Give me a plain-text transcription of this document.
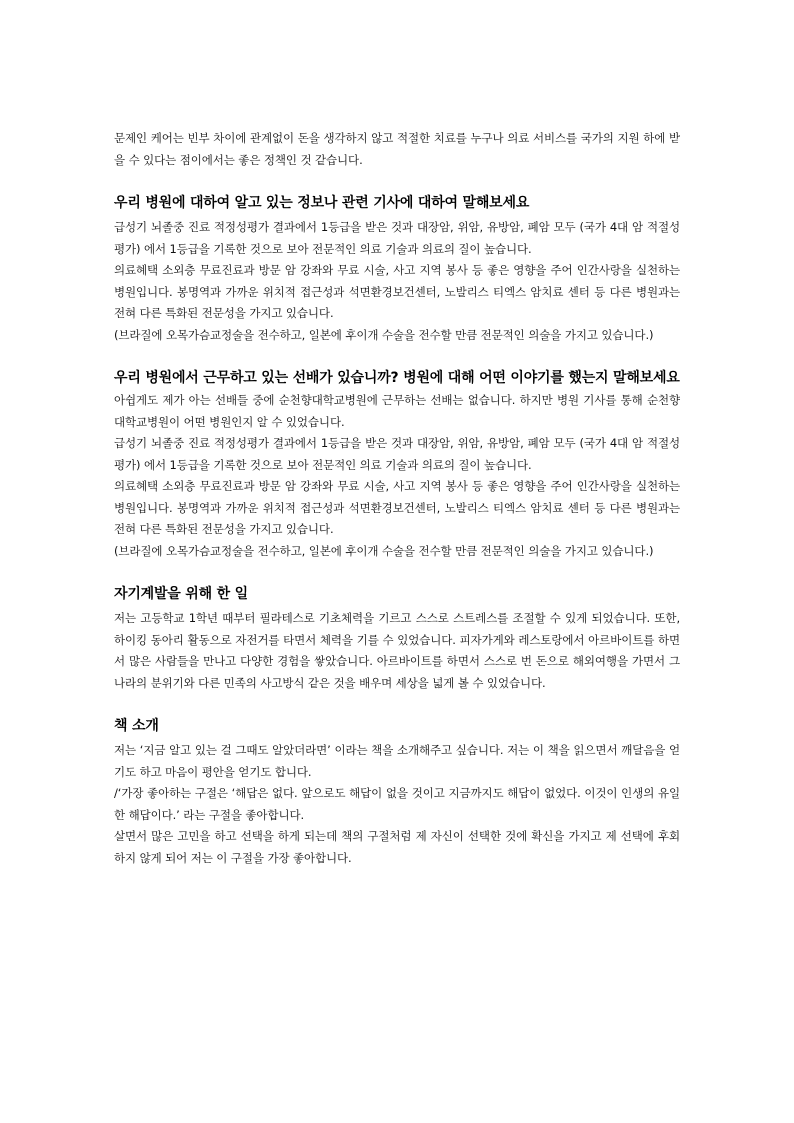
문제인 케어는 빈부 차이에 관계없이 돈을 생각하지 않고 적절한 치료를 누구나 의료 서비스를 국가의 지원 하에 받을 수 있다는 점이에서는 좋은 정책인 것 같습니다.

우리 병원에 대하여 알고 있는 정보나 관련 기사에 대하여 말해보세요

급성기 뇌졸중 진료 적정성평가 결과에서 1등급을 받은 것과 대장암, 위암, 유방암, 폐암 모두 (국가 4대 암 적절성 평가) 에서 1등급을 기록한 것으로 보아 전문적인 의료 기술과 의료의 질이 높습니다.

의료혜택 소외층 무료진료과 방문 암 강좌와 무료 시술, 사고 지역 봉사 등 좋은 영향을 주어 인간사랑을 실천하는 병원입니다. 봉명역과 가까운 위치적 접근성과 석면환경보건센터, 노발리스 티엑스 암치료 센터 등 다른 병원과는 전혀 다른 특화된 전문성을 가지고 있습니다.

(브라질에 오목가슴교정술을 전수하고, 일본에 후이개 수술을 전수할 만큼 전문적인 의술을 가지고 있습니다.)

우리 병원에서 근무하고 있는 선배가 있습니까? 병원에 대해 어떤 이야기를 했는지 말해보세요

아쉽게도 제가 아는 선배들 중에 순천향대학교병원에 근무하는 선배는 없습니다. 하지만 병원 기사를 통해 순천향대학교병원이 어떤 병원인지 알 수 있었습니다.

급성기 뇌졸중 진료 적정성평가 결과에서 1등급을 받은 것과 대장암, 위암, 유방암, 폐암 모두 (국가 4대 암 적절성 평가) 에서 1등급을 기록한 것으로 보아 전문적인 의료 기술과 의료의 질이 높습니다.

의료혜택 소외층 무료진료과 방문 암 강좌와 무료 시술, 사고 지역 봉사 등 좋은 영향을 주어 인간사랑을 실천하는 병원입니다. 봉명역과 가까운 위치적 접근성과 석면환경보건센터, 노발리스 티엑스 암치료 센터 등 다른 병원과는 전혀 다른 특화된 전문성을 가지고 있습니다.

(브라질에 오목가슴교정술을 전수하고, 일본에 후이개 수술을 전수할 만큼 전문적인 의술을 가지고 있습니다.)

자기계발을 위해 한 일

저는 고등학교 1학년 때부터 필라테스로 기초체력을 기르고 스스로 스트레스를 조절할 수 있게 되었습니다. 또한, 하이킹 동아리 활동으로 자전거를 타면서 체력을 기를 수 있었습니다. 피자가게와 레스토랑에서 아르바이트를 하면서 많은 사람들을 만나고 다양한 경험을 쌓았습니다. 아르바이트를 하면서 스스로 번 돈으로 해외여행을 가면서 그 나라의 분위기와 다른 민족의 사고방식 같은 것을 배우며 세상을 넓게 볼 수 있었습니다.

책 소개

저는 ‘지금 알고 있는 걸 그때도 알았더라면’ 이라는 책을 소개해주고 싶습니다. 저는 이 책을 읽으면서 깨달음을 얻기도 하고 마음이 평안을 얻기도 합니다.

/‘가장 좋아하는 구절은 ‘해답은 없다. 앞으로도 해답이 없을 것이고 지금까지도 해답이 없었다. 이것이 인생의 유일한 해답이다.’ 라는 구절을 좋아합니다.

살면서 많은 고민을 하고 선택을 하게 되는데 책의 구절처럼 제 자신이 선택한 것에 확신을 가지고 제 선택에 후회하지 않게 되어 저는 이 구절을 가장 좋아합니다.
